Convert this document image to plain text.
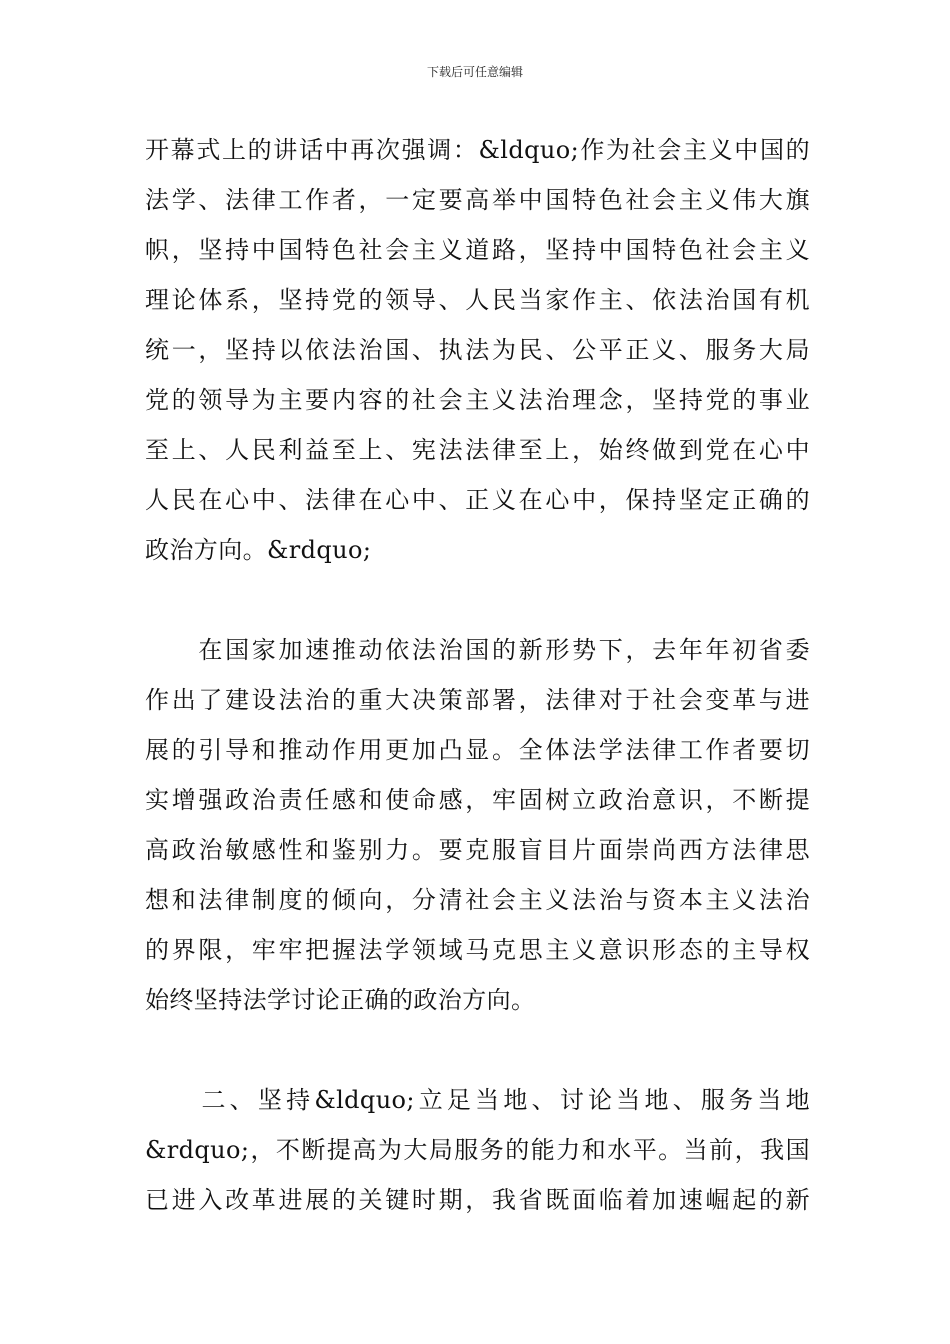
下载后可任意编辑
开幕式上的讲话中再次强调：&ldquo;作为社会主义中国的
法学、法律工作者，一定要高举中国特色社会主义伟大旗
帜，坚持中国特色社会主义道路，坚持中国特色社会主义
理论体系，坚持党的领导、人民当家作主、依法治国有机
统一，坚持以依法治国、执法为民、公平正义、服务大局
党的领导为主要内容的社会主义法治理念，坚持党的事业
至上、人民利益至上、宪法法律至上，始终做到党在心中
人民在心中、法律在心中、正义在心中，保持坚定正确的
政治方向。&rdquo;
　　在国家加速推动依法治国的新形势下，去年年初省委
作出了建设法治的重大决策部署，法律对于社会变革与进
展的引导和推动作用更加凸显。全体法学法律工作者要切
实增强政治责任感和使命感，牢固树立政治意识，不断提
高政治敏感性和鉴别力。要克服盲目片面崇尚西方法律思
想和法律制度的倾向，分清社会主义法治与资本主义法治
的界限，牢牢把握法学领域马克思主义意识形态的主导权
始终坚持法学讨论正确的政治方向。
　　二、坚持&ldquo;立足当地、讨论当地、服务当地
&rdquo;，不断提高为大局服务的能力和水平。当前，我国
已进入改革进展的关键时期，我省既面临着加速崛起的新
